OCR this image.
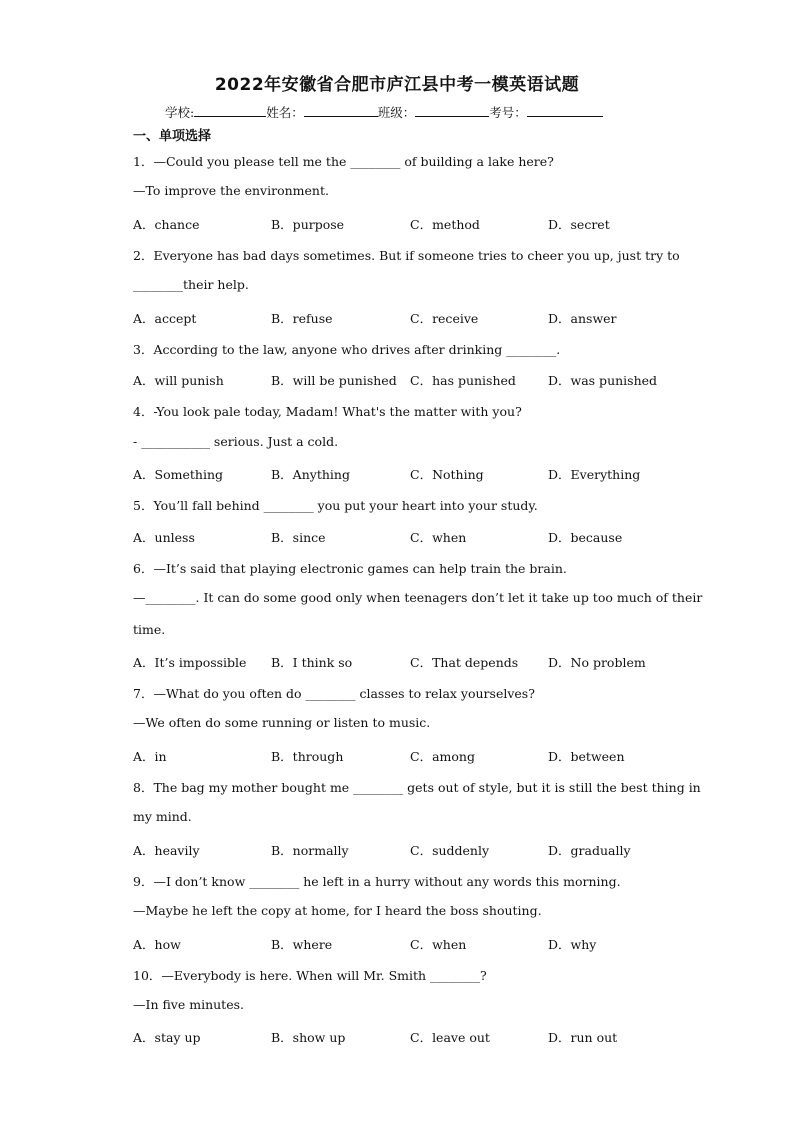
2022年安徽省合肥市庐江县中考一模英语试题
学校:	姓名：	班级：	考号：
一、单项选择
1．—Could you please tell me the ________ of building a lake here?
—To improve the environment.
A．chance	B．purpose	C．method	D．secret
2．Everyone has bad days sometimes. But if someone tries to cheer you up, just try to
________their help.
A．accept	B．refuse	C．receive	D．answer
3．According to the law, anyone who drives after drinking ________.
A．will punish	B．will be punished C．has punished	D．was punished
4．-You look pale today, Madam! What's the matter with you?
- ___________ serious. Just a cold.
A．Something	B．Anything	C．Nothing	D．Everything
5．You’ll fall behind ________ you put your heart into your study.
A．unless	B．since	C．when	D．because
6．—It’s said that playing electronic games can help train the brain.
—________. It can do some good only when teenagers don’t let it take up too much of their
time.
A．It’s impossible B．I think so	C．That depends D．No problem
7．—What do you often do ________ classes to relax yourselves?
—We often do some running or listen to music.
A．in	B．through	C．among	D．between
8．The bag my mother bought me ________ gets out of style, but it is still the best thing in
my mind.
A．heavily	B．normally	C．suddenly	D．gradually
9．—I don’t know ________ he left in a hurry without any words this morning.
—Maybe he left the copy at home, for I heard the boss shouting.
A．how	B．where	C．when	D．why
10．—Everybody is here. When will Mr. Smith ________?
—In five minutes.
A．stay up	B．show up	C．leave out	D．run out
